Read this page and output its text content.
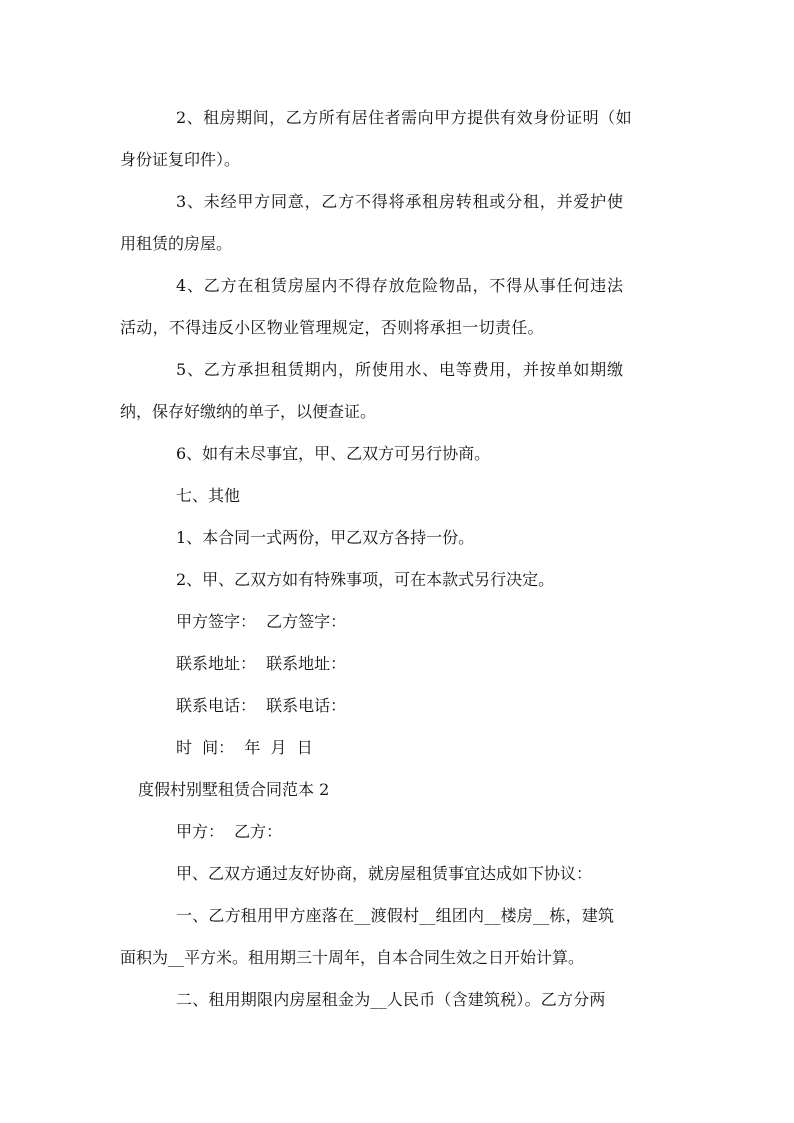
2、租房期间，乙方所有居住者需向甲方提供有效身份证明（如
身份证复印件）。
3、未经甲方同意，乙方不得将承租房转租或分租，并爱护使
用租赁的房屋。
4、乙方在租赁房屋内不得存放危险物品，不得从事任何违法
活动，不得违反小区物业管理规定，否则将承担一切责任。
5、乙方承担租赁期内，所使用水、电等费用，并按单如期缴
纳，保存好缴纳的单子，以便查证。
6、如有未尽事宜，甲、乙双方可另行协商。
七、其他
1、本合同一式两份，甲乙双方各持一份。
2、甲、乙双方如有特殊事项，可在本款式另行决定。
甲方签字：  乙方签字：
联系地址：  联系地址：
联系电话：  联系电话：
时  间：  年  月  日
度假村别墅租赁合同范本 2
甲方：  乙方：
甲、乙双方通过友好协商，就房屋租赁事宜达成如下协议：
一、乙方租用甲方座落在__渡假村__组团内__楼房__栋，建筑
面积为__平方米。租用期三十周年，自本合同生效之日开始计算。
二、租用期限内房屋租金为__人民币（含建筑税）。乙方分两
